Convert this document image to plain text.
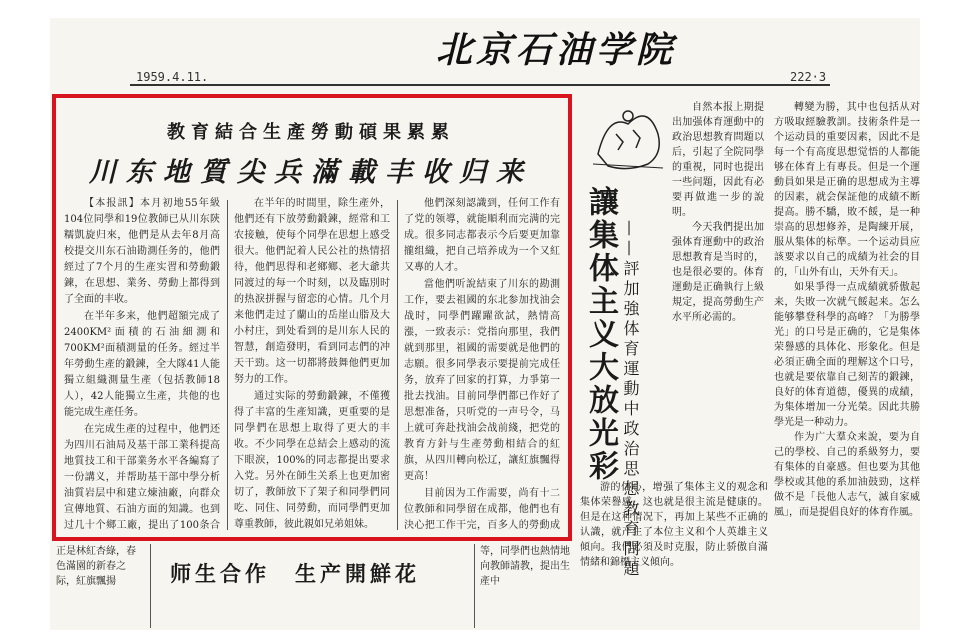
1959.4.11.
北京石油学院
222·3
教育結合生產勞動碩果累累
川东地質尖兵滿載丰收归来

【本报訊】本月初地55年級104位同學和19位教師已从川东陝糯凱旋归來，他們是从去年8月高校提交川东石油勘測任务的，他們經过了7个月的生產实習和勞動鍛鍊，在思想、業务、勞動上都得到了全面的丰收。

在半年多来，他們超額完成了2400KM²面積的石油細測和700KM²面積測量的任务。經过半年勞動生產的鍛鍊，全大隊41人能獨立組織測量生產（包括教師18人），42人能獨立生產，共他的也能完成生產任务。

在完成生產的过程中，他們还为四川石油局及基干部工業科提高地質技工和干部業务水平各編寫了一份講义，并帮助基干部中學分析油質岩层中和建立煉油廠，向群众宣傳地質、石油方面的知識。也到过几十个鄉工廠，提出了100条合

在半年的时間里，除生產外，他們还有下放勞動鍛鍊，經常和工农接触，使每个同學在思想上感受很大。他們記着人民公社的热情招待，他們思得和老鄉鄉、老大爺共同渡过的每一个时刻，以及臨別时的热淚拼握与留恋的心情。几个月来他們走过了蘭山的岳崖山脂及大小村庄，到处看到的是川东人民的智慧，創造發明，看到同志們的冲天干勁。这一切都將鼓舞他們更加努力的工作。

通过实际的勞動鍛鍊，不僅獲得了丰富的生產知識，更重要的是同學們在思想上取得了更大的丰收。不少同學在总結会上感动的流下眼淚，100%的同志都提出要求入党。另外在師生关系上也更加密切了，教師放下了架子和同學們同吃、同住、同勞動，而同學們更加尊重教師，彼此親如兄弟姐妹。

他們深刻認識到，任何工作有了党的领導，就能順利而完满的完成。很多同志都表示今后要更加靠攏组織，把自己培养成为一个又紅又專的人才。

當他們听說結束了川东的勘測工作，要去祖國的东北参加找油会战时，同學們躍躍欲試，熱情高漲，一致表示：党指向那里，我們就到那里，祖國的需要就是他們的志願。很多同學表示要提前完成任务，放弃了回家的打算，力爭第一批去找油。目前同學們都已作好了思想准备，只听党的一声号令，马上就可奔赴找油会战前綫，把党的教育方針与生產勞動相結合的紅旗，从四川轉向松辽，讓紅旗飄得更高！

目前因为工作需要，尚有十二位教師和同學留在成都，他們也有決心把工作干完，百多人的勞動成

讓集体主义大放光彩 ——評加強体育運動中政治思想教育問題

自然本报上期提出加强体育運動中的政治思想教育問題以后，引起了全院同學的重視，同时也提出一些问題，因此有必要再做進一步的說明。

今天我們提出加强体育運動中的政治思想教育是当时的，也是很必要的。体育運動是正确執行上級規定，提高勞動生产水平所必需的。

轉變为勝，其中也包括从对方吸取經驗教訓。技術条件是一个运动員的重要因素，因此不是每一个有高度思想觉悟的人都能够在体育上有專長。但是一个運動員如果是正确的思想成为主導的因素，就会保証他的成績不断提高。勝不驕，敗不餒，是一种崇高的思想修养，是陶練开展，服从集体的标準。一个运动員应該要求以自己的成績为社会的目的，「山外有山，天外有天」。

如果爭得一点成績就骄傲起来，失敗一次就气餒起来。怎么能够攀登科學的高峰？「为勝學光」的口号是正确的，它是集体荣譽感的具体化、形象化。但是必須正确全面的理解这个口号，也就是要依靠自己刻苦的鍛鍊，良好的体育道德，優異的成績，为集体增加一分光榮。因此共勝學光是一种动力。

作为广大羣众来說，要为自己的學校、自己的系級努力，要有集体的自豪感。但也要为其他學校或其他的系加油鼓勁，这样做不是「長他人志气，滅自家威風」，而是提倡良好的体育作風。

游的信心，增强了集体主义的观念和集体荣譽感，这也就是很主流是健康的。但是在这种情况下，再加上某些不正确的认識，就产生了本位主义和个人英雄主义傾向。我們必須及时克服，防止骄傲自滿情緒和錦標主义傾向。

正是林紅杏綠，春色滿園的新春之际，紅旗飄揚	师生合作　生产開鮮花
等，同學們也熱情地向教師請教，提出生產中
